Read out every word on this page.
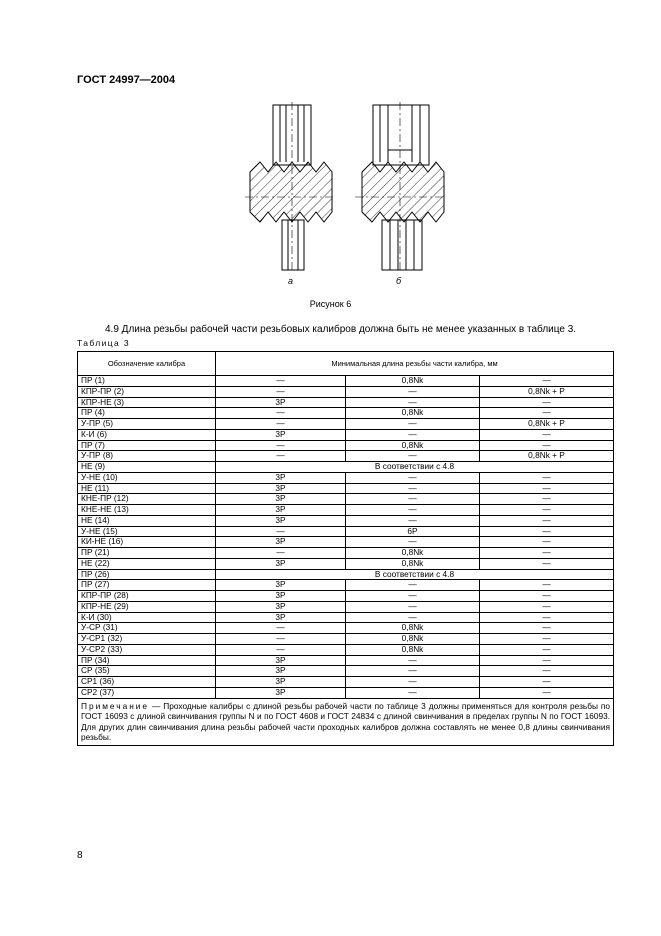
ГОСТ 24997—2004
а	б
Рисунок 6
4.9 Длина резьбы рабочей части резьбовых калибров должна быть не менее указанных в таблице 3.
Таблица 3
Обозначение калибра	Минимальная длина резьбы части калибра, мм		
ПР (1)	—	0,8Nk	—
КПР-ПР (2)	—	—	0,8Nk + P
КПР-НЕ (3)	3P	—	—
ПР (4)	—	0,8Nk	—
У-ПР (5)	—	—	0,8Nk + P
К-И (6)	3P	—	—
ПР (7)	—	0,8Nk	—
У-ПР (8)	—	—	0,8Nk + P
НЕ (9)	В соответствии с 4.8		
У-НЕ (10)	3P	—	—
НЕ (11)	3P	—	—
КНЕ-ПР (12)	3P	—	—
КНЕ-НЕ (13)	3P	—	—
НЕ (14)	3P	—	—
У-НЕ (15)	—	6P	—
КИ-НЕ (16)	3P	—	—
ПР (21)	—	0,8Nk	—
НЕ (22)	3P	0,8Nk	—
ПР (26)	В соответствии с 4.8		
ПР (27)	3P	—	—
КПР-ПР (28)	3P	—	—
КПР-НЕ (29)	3P	—	—
К-И (30)	3P	—	—
У-СР (31)	—	0,8Nk	—
У-СР1 (32)	—	0,8Nk	—
У-СР2 (33)	—	0,8Nk	—
ПР (34)	3P	—	—
СР (35)	3P	—	—
СР1 (36)	3P	—	—
СР2 (37)	3P	—	—
Примечание — Проходные калибры с длиной резьбы рабочей части по таблице 3 должны применяться для контроля резьбы по ГОСТ 16093 с длиной свинчивания группы N и по ГОСТ 4608 и ГОСТ 24834 с длиной свинчивания в пределах группы N по ГОСТ 16093. Для других длин свинчивания длина резьбы рабочей части проходных калибров должна составлять не менее 0,8 длины свинчивания резьбы.			
8
